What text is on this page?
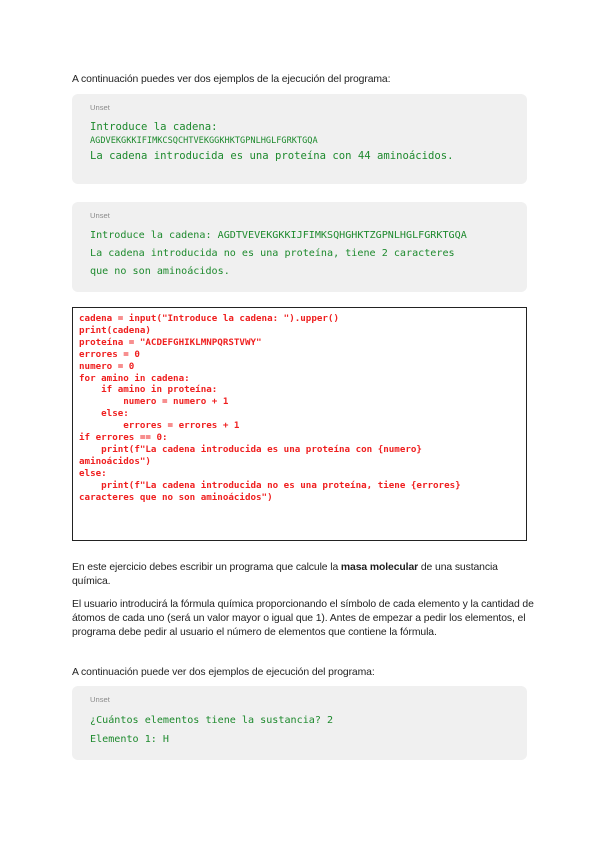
A continuación puedes ver dos ejemplos de la ejecución del programa:

Unset
Introduce la cadena:
AGDVEKGKKIFIMKCSQCHTVEKGGKHKTGPNLHGLFGRKTGQA
La cadena introducida es una proteína con 44 aminoácidos.
Unset
Introduce la cadena: AGDTVEVEKGKKIJFIMKSQHGHKTZGPNLHGLFGRKTGQA
La cadena introducida no es una proteína, tiene 2 caracteres
que no son aminoácidos.
cadena = input("Introduce la cadena: ").upper()
print(cadena)
proteína = "ACDEFGHIKLMNPQRSTVWY"
errores = 0
numero = 0
for amino in cadena:
if amino in proteína:
numero = numero + 1
else:
errores = errores + 1
if errores == 0:
print(f"La cadena introducida es una proteína con {numero}
aminoácidos")
else:
print(f"La cadena introducida no es una proteína, tiene {errores}
caracteres que no son aminoácidos")

En este ejercicio debes escribir un programa que calcule la masa molecular de una sustancia química.

El usuario introducirá la fórmula química proporcionando el símbolo de cada elemento y la cantidad de átomos de cada uno (será un valor mayor o igual que 1). Antes de empezar a pedir los elementos, el programa debe pedir al usuario el número de elementos que contiene la fórmula.

A continuación puede ver dos ejemplos de ejecución del programa:

Unset
¿Cuántos elementos tiene la sustancia? 2
Elemento 1: H
